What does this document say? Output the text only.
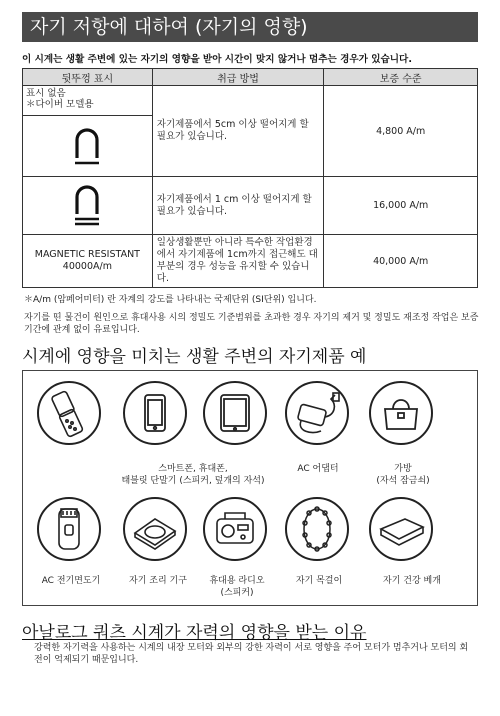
자기 저항에 대하여 (자기의 영향)
이 시계는 생활 주변에 있는 자기의 영향을 받아 시간이 맞지 않거나 멈추는 경우가 있습니다.
뒷뚜껑 표시	취급 방법	보증 수준

표시 없음
＊다이버 모델용	자기제품에서 5cm 이상 떨어지게 할 필요가 있습니다.	4,800 A/m

	자기제품에서 1 cm 이상 떨어지게 할 필요가 있습니다.	16,000 A/m
MAGNETIC RESISTANT 40000A/m	일상생활뿐만 아니라 특수한 작업환경에서 자기제품에 1cm까지 접근해도 대부분의 경우 성능을 유지할 수 있습니다.	40,000 A/m
＊A/m (암페어미터) 란 자계의 강도를 나타내는 국제단위 (SI단위) 입니다.
자기를 띤 물건이 원인으로 휴대사용 시의 정밀도 기준범위를 초과한 경우 자기의 제거 및 정밀도 재조정 작업은 보증기간에 관계 없이 유료입니다.
시계에 영향을 미치는 생활 주변의 자기제품 예
스마트폰, 휴대폰,
태블릿 단말기 (스피커, 덮개의 자석)
AC 어댑터	가방
(자석 잠금쇠)
AC 전기면도기	자기 조리 기구	휴대용 라디오
(스피커)
자기 목걸이	자기 건강 베개
아날로그 쿼츠 시계가 자력의 영향을 받는 이유
강력한 자기력을 사용하는 시계의 내장 모터와 외부의 강한 자력이 서로 영향을 주어 모터가 멈추거나 모터의 회전이 억제되기 때문입니다.
